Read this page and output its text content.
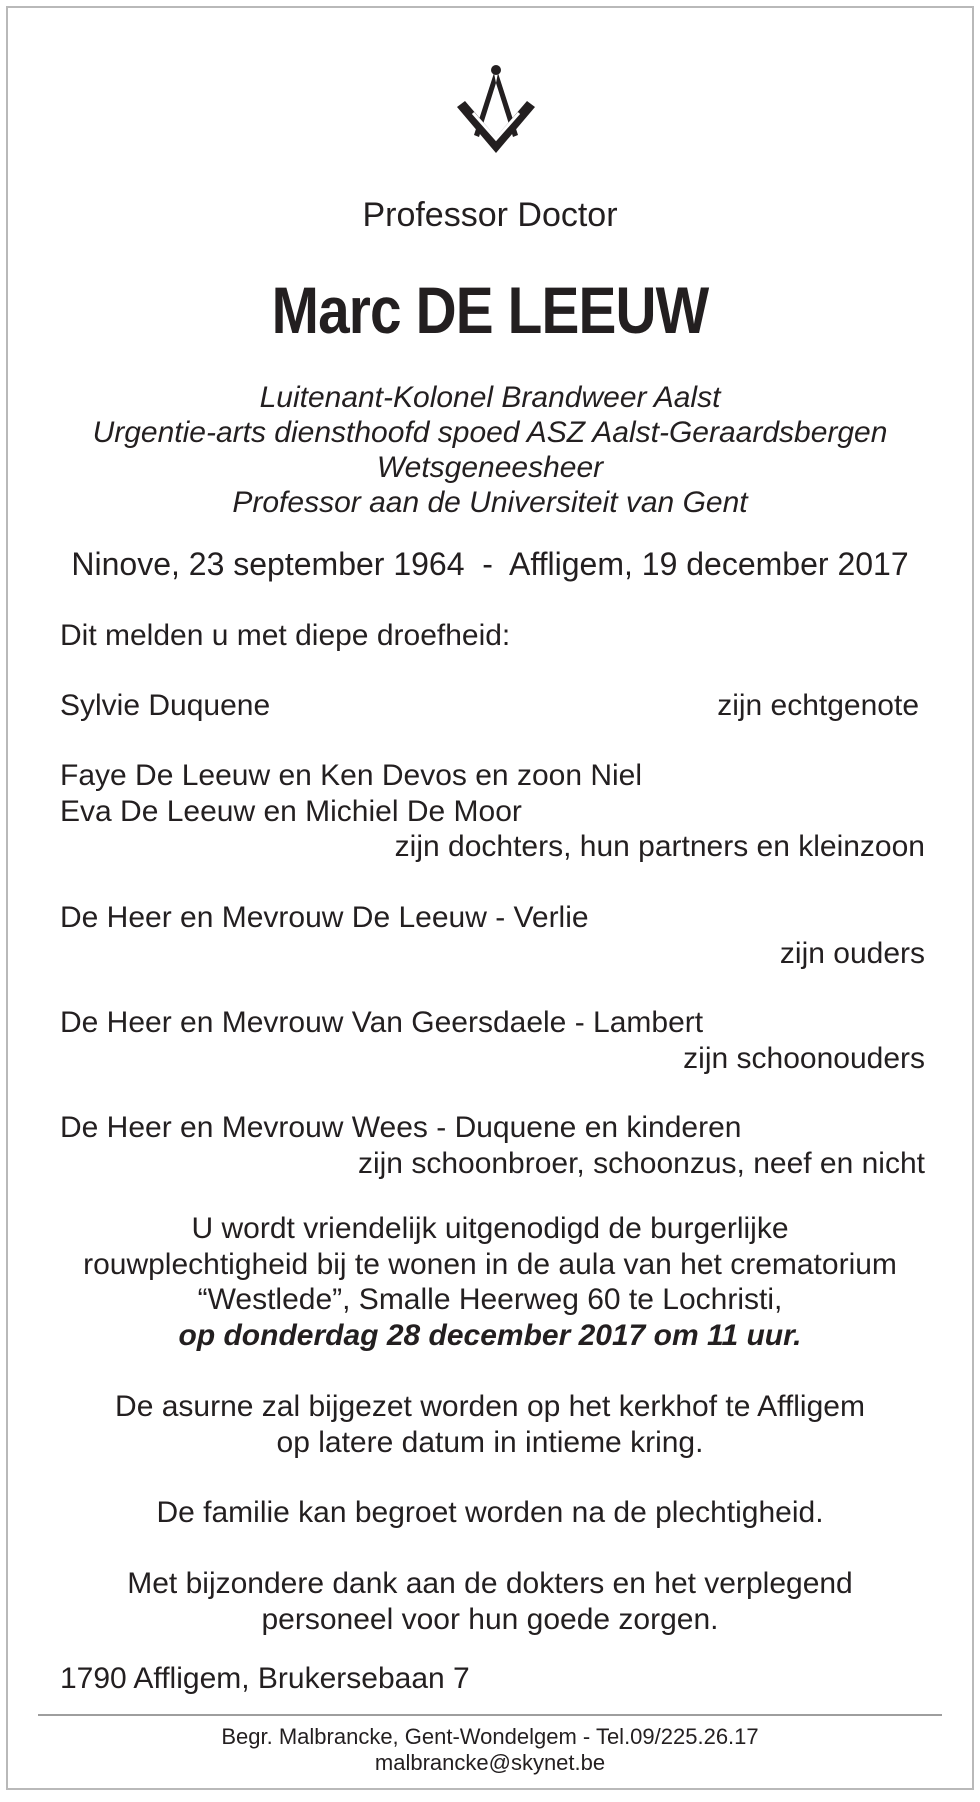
Professor Doctor
Marc DE LEEUW
Luitenant-Kolonel Brandweer Aalst
Urgentie-arts diensthoofd spoed ASZ Aalst-Geraardsbergen
Wetsgeneesheer
Professor aan de Universiteit van Gent
Ninove, 23 september 1964  -  Affligem, 19 december 2017
Dit melden u met diepe droefheid:
Sylvie Duquene	zijn echtgenote
Faye De Leeuw en Ken Devos en zoon Niel
Eva De Leeuw en Michiel De Moor
zijn dochters, hun partners en kleinzoon
De Heer en Mevrouw De Leeuw - Verlie
zijn ouders
De Heer en Mevrouw Van Geersdaele - Lambert
zijn schoonouders
De Heer en Mevrouw Wees - Duquene en kinderen
zijn schoonbroer, schoonzus, neef en nicht
U wordt vriendelijk uitgenodigd de burgerlijke
rouwplechtigheid bij te wonen in de aula van het crematorium
“Westlede”, Smalle Heerweg 60 te Lochristi,
op donderdag 28 december 2017 om 11 uur.
De asurne zal bijgezet worden op het kerkhof te Affligem
op latere datum in intieme kring.
De familie kan begroet worden na de plechtigheid.
Met bijzondere dank aan de dokters en het verplegend
personeel voor hun goede zorgen.
1790 Affligem, Brukersebaan 7
Begr. Malbrancke, Gent-Wondelgem - Tel.09/225.26.17
malbrancke@skynet.be
